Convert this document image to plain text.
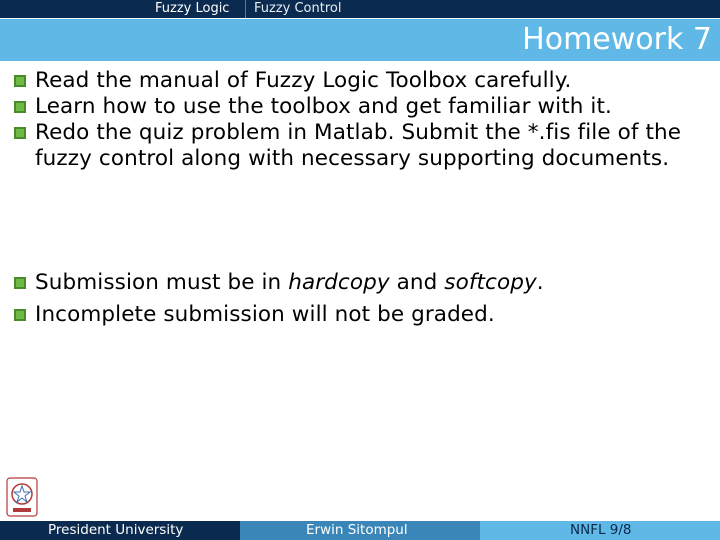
Fuzzy Logic Fuzzy Control
Homework 7
Read the manual of Fuzzy Logic Toolbox carefully.
Learn how to use the toolbox and get familiar with it.
Redo the quiz problem in Matlab. Submit the *.fis file of the fuzzy control along with necessary supporting documents.
Submission must be in hardcopy and softcopy.
Incomplete submission will not be graded.
President University	Erwin Sitompul	NNFL 9/8
